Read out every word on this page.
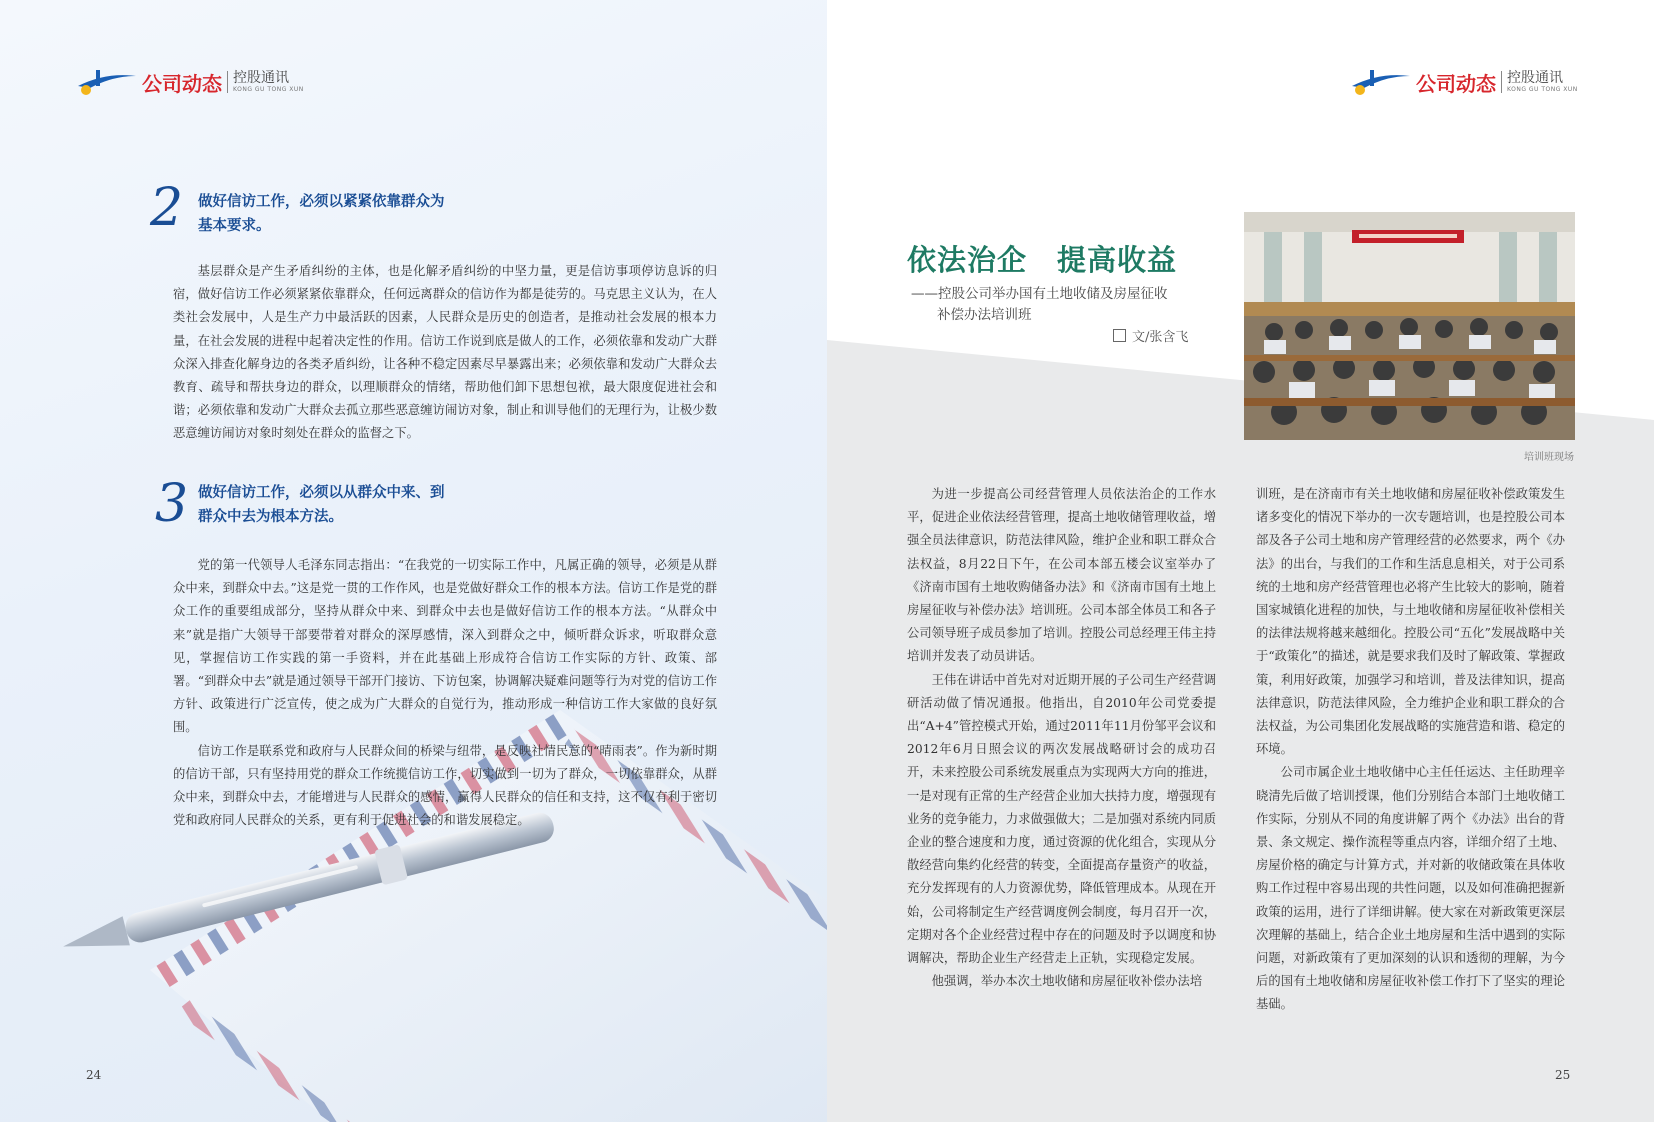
公司动态 控股通讯
KONG GU TONG XUN
2 做好信访工作，必须以紧紧依靠群众为
基本要求。

基层群众是产生矛盾纠纷的主体，也是化解矛盾纠纷的中坚力量，更是信访事项停访息诉的归宿，做好信访工作必须紧紧依靠群众，任何远离群众的信访作为都是徒劳的。马克思主义认为，在人类社会发展中，人是生产力中最活跃的因素，人民群众是历史的创造者，是推动社会发展的根本力量，在社会发展的进程中起着决定性的作用。信访工作说到底是做人的工作，必须依靠和发动广大群众深入排查化解身边的各类矛盾纠纷，让各种不稳定因素尽早暴露出来；必须依靠和发动广大群众去教育、疏导和帮扶身边的群众，以理顺群众的情绪，帮助他们卸下思想包袱，最大限度促进社会和谐；必须依靠和发动广大群众去孤立那些恶意缠访闹访对象，制止和训导他们的无理行为，让极少数恶意缠访闹访对象时刻处在群众的监督之下。

3 做好信访工作，必须以从群众中来、到
群众中去为根本方法。

党的第一代领导人毛泽东同志指出：“在我党的一切实际工作中，凡属正确的领导，必须是从群众中来，到群众中去。”这是党一贯的工作作风，也是党做好群众工作的根本方法。信访工作是党的群众工作的重要组成部分，坚持从群众中来、到群众中去也是做好信访工作的根本方法。“从群众中来”就是指广大领导干部要带着对群众的深厚感情，深入到群众之中，倾听群众诉求，听取群众意见，掌握信访工作实践的第一手资料，并在此基础上形成符合信访工作实际的方针、政策、部署。“到群众中去”就是通过领导干部开门接访、下访包案，协调解决疑难问题等行为对党的信访工作方针、政策进行广泛宣传，使之成为广大群众的自觉行为，推动形成一种信访工作大家做的良好氛围。

信访工作是联系党和政府与人民群众间的桥梁与纽带，是反映社情民意的“晴雨表”。作为新时期的信访干部，只有坚持用党的群众工作统揽信访工作，切实做到一切为了群众，一切依靠群众，从群众中来，到群众中去，才能增进与人民群众的感情，赢得人民群众的信任和支持，这不仅有利于密切党和政府同人民群众的关系，更有利于促进社会的和谐发展稳定。

24
公司动态 控股通讯
KONG GU TONG XUN
依法治企　提高收益
——控股公司举办国有土地收储及房屋征收
补偿办法培训班
文/张含飞
培训班现场

为进一步提高公司经营管理人员依法治企的工作水平，促进企业依法经营管理，提高土地收储管理收益，增强全员法律意识，防范法律风险，维护企业和职工群众合法权益，8月22日下午，在公司本部五楼会议室举办了《济南市国有土地收购储备办法》和《济南市国有土地上房屋征收与补偿办法》培训班。公司本部全体员工和各子公司领导班子成员参加了培训。控股公司总经理王伟主持培训并发表了动员讲话。

王伟在讲话中首先对对近期开展的子公司生产经营调研活动做了情况通报。他指出，自2010年公司党委提出“A+4”管控模式开始，通过2011年11月份邹平会议和2012年6月日照会议的两次发展战略研讨会的成功召开，未来控股公司系统发展重点为实现两大方向的推进，一是对现有正常的生产经营企业加大扶持力度，增强现有业务的竞争能力，力求做强做大；二是加强对系统内同质企业的整合速度和力度，通过资源的优化组合，实现从分散经营向集约化经营的转变，全面提高存量资产的收益，充分发挥现有的人力资源优势，降低管理成本。从现在开始，公司将制定生产经营调度例会制度，每月召开一次，定期对各个企业经营过程中存在的问题及时予以调度和协调解决，帮助企业生产经营走上正轨，实现稳定发展。

他强调，举办本次土地收储和房屋征收补偿办法培

训班，是在济南市有关土地收储和房屋征收补偿政策发生诸多变化的情况下举办的一次专题培训，也是控股公司本部及各子公司土地和房产管理经营的必然要求，两个《办法》的出台，与我们的工作和生活息息相关，对于公司系统的土地和房产经营管理也必将产生比较大的影响，随着国家城镇化进程的加快，与土地收储和房屋征收补偿相关的法律法规将越来越细化。控股公司“五化”发展战略中关于“政策化”的描述，就是要求我们及时了解政策、掌握政策，利用好政策，加强学习和培训，普及法律知识，提高法律意识，防范法律风险，全力维护企业和职工群众的合法权益，为公司集团化发展战略的实施营造和谐、稳定的环境。

公司市属企业土地收储中心主任任运达、主任助理辛晓清先后做了培训授课，他们分别结合本部门土地收储工作实际，分别从不同的角度讲解了两个《办法》出台的背景、条文规定、操作流程等重点内容，详细介绍了土地、房屋价格的确定与计算方式，并对新的收储政策在具体收购工作过程中容易出现的共性问题，以及如何准确把握新政策的运用，进行了详细讲解。使大家在对新政策更深层次理解的基础上，结合企业土地房屋和生活中遇到的实际问题，对新政策有了更加深刻的认识和透彻的理解，为今后的国有土地收储和房屋征收补偿工作打下了坚实的理论基础。

25
